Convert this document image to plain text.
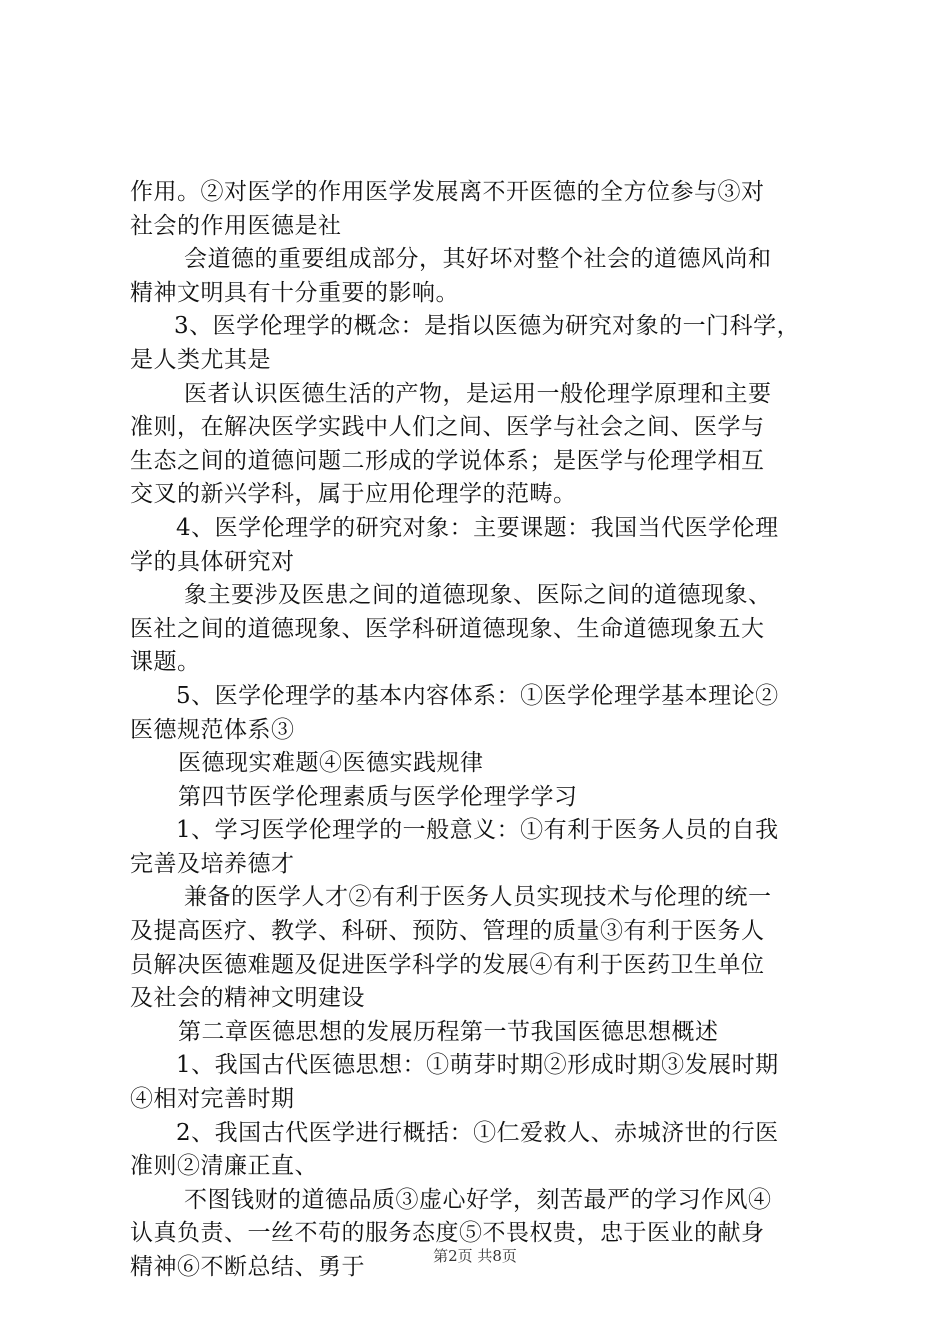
作用。②对医学的作用医学发展离不开医德的全方位参与③对
社会的作用医德是社
会道德的重要组成部分，其好坏对整个社会的道德风尚和
精神文明具有十分重要的影响。
3、医学伦理学的概念：是指以医德为研究对象的一门科学，
是人类尤其是
医者认识医德生活的产物，是运用一般伦理学原理和主要
准则，在解决医学实践中人们之间、医学与社会之间、医学与
生态之间的道德问题二形成的学说体系；是医学与伦理学相互
交叉的新兴学科，属于应用伦理学的范畴。
4、医学伦理学的研究对象：主要课题：我国当代医学伦理
学的具体研究对
象主要涉及医患之间的道德现象、医际之间的道德现象、
医社之间的道德现象、医学科研道德现象、生命道德现象五大
课题。
5、医学伦理学的基本内容体系：①医学伦理学基本理论②
医德规范体系③
医德现实难题④医德实践规律
第四节医学伦理素质与医学伦理学学习
1、学习医学伦理学的一般意义：①有利于医务人员的自我
完善及培养德才
兼备的医学人才②有利于医务人员实现技术与伦理的统一
及提高医疗、教学、科研、预防、管理的质量③有利于医务人
员解决医德难题及促进医学科学的发展④有利于医药卫生单位
及社会的精神文明建设
第二章医德思想的发展历程第一节我国医德思想概述
1、我国古代医德思想：①萌芽时期②形成时期③发展时期
④相对完善时期
2、我国古代医学进行概括：①仁爱救人、赤城济世的行医
准则②清廉正直、
不图钱财的道德品质③虚心好学，刻苦最严的学习作风④
认真负责、一丝不苟的服务态度⑤不畏权贵，忠于医业的献身
精神⑥不断总结、勇于	第2页 共8页
